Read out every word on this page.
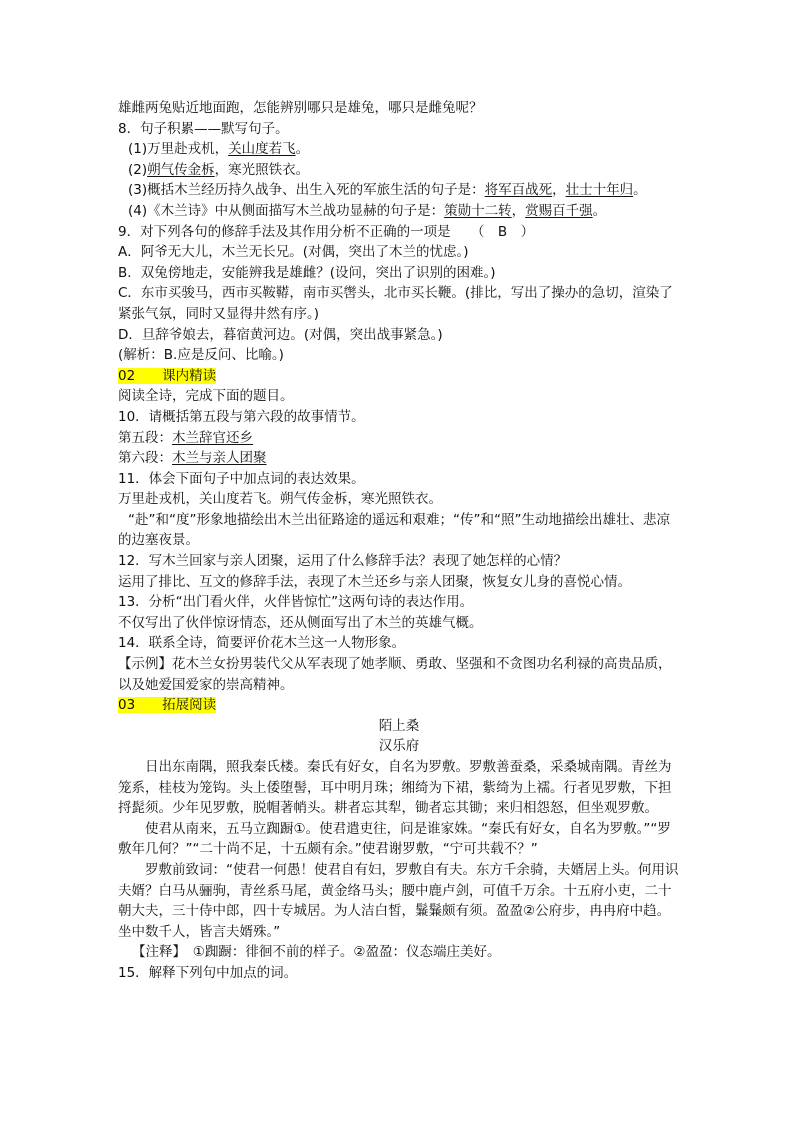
雄雌两兔贴近地面跑，怎能辨别哪只是雄兔，哪只是雌兔呢？
8．句子积累——默写句子。
(1)万里赴戎机，关山度若飞。
(2)朔气传金柝，寒光照铁衣。
(3)概括木兰经历持久战争、出生入死的军旅生活的句子是：将军百战死，壮士十年归。
(4)《木兰诗》中从侧面描写木兰战功显赫的句子是：策勋十二转，赏赐百千强。
9．对下列各句的修辞手法及其作用分析不正确的一项是　　（　B　）
A．阿爷无大儿，木兰无长兄。(对偶，突出了木兰的忧虑。)
B．双兔傍地走，安能辨我是雄雌？(设问，突出了识别的困难。)
C．东市买骏马，西市买鞍鞯，南市买辔头，北市买长鞭。(排比，写出了操办的急切，渲染了紧张气氛，同时又显得井然有序。)
D．旦辞爷娘去，暮宿黄河边。(对偶，突出战事紧急。)
(解析：B.应是反问、比喻。)
02　　课内精读
阅读全诗，完成下面的题目。
10．请概括第五段与第六段的故事情节。
第五段：木兰辞官还乡
第六段：木兰与亲人团聚
11．体会下面句子中加点词的表达效果。
万里赴戎机，关山度若飞。朔气传金柝，寒光照铁衣。
“赴”和“度”形象地描绘出木兰出征路途的遥远和艰难；“传”和“照”生动地描绘出雄壮、悲凉的边塞夜景。
12．写木兰回家与亲人团聚，运用了什么修辞手法？表现了她怎样的心情？
运用了排比、互文的修辞手法，表现了木兰还乡与亲人团聚，恢复女儿身的喜悦心情。
13．分析“出门看火伴，火伴皆惊忙”这两句诗的表达作用。
不仅写出了伙伴惊讶情态，还从侧面写出了木兰的英雄气概。
14．联系全诗，简要评价花木兰这一人物形象。
【示例】花木兰女扮男装代父从军表现了她孝顺、勇敢、坚强和不贪图功名利禄的高贵品质，以及她爱国爱家的崇高精神。
03　　拓展阅读
陌上桑
汉乐府
日出东南隅，照我秦氏楼。秦氏有好女，自名为罗敷。罗敷善蚕桑，采桑城南隅。青丝为笼系，桂枝为笼钩。头上倭堕髻，耳中明月珠；缃绮为下裙，紫绮为上襦。行者见罗敷，下担捋髭须。少年见罗敷，脱帽著帩头。耕者忘其犁，锄者忘其锄；来归相怨怒，但坐观罗敷。
使君从南来，五马立踟蹰①。使君遣吏往，问是谁家姝。“秦氏有好女，自名为罗敷。”“罗敷年几何？”“二十尚不足，十五颇有余。”使君谢罗敷，“宁可共载不？”
罗敷前致词：“使君一何愚！使君自有妇，罗敷自有夫。东方千余骑，夫婿居上头。何用识夫婿？白马从骊驹，青丝系马尾，黄金络马头；腰中鹿卢剑，可值千万余。十五府小吏，二十朝大夫，三十侍中郎，四十专城居。为人洁白皙，鬑鬑颇有须。盈盈②公府步，冉冉府中趋。坐中数千人，皆言夫婿殊。”
【注释】　①踟蹰：徘徊不前的样子。②盈盈：仪态端庄美好。
15．解释下列句中加点的词。
